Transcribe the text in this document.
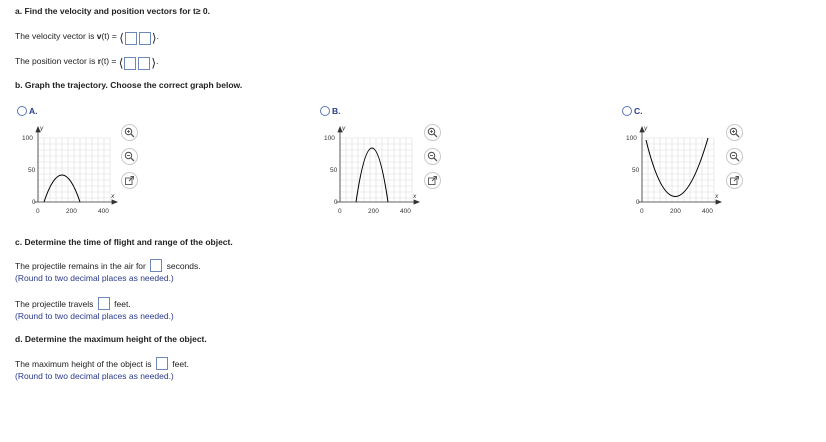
a. Find the velocity and position vectors for t≥ 0.
The velocity vector is v(t) = ⟨ ⟩.
The position vector is r(t) = ⟨ ⟩.
b. Graph the trajectory. Choose the correct graph below.
A.	B.	C.
y
x
100
50
0
0	200	400
y
x
100
50
0
0	200	400
y
x
100
50
0
0	200	400
c. Determine the time of flight and range of the object.
The projectile remains in the air for seconds.
(Round to two decimal places as needed.)
The projectile travels feet.
(Round to two decimal places as needed.)
d. Determine the maximum height of the object.
The maximum height of the object is feet.
(Round to two decimal places as needed.)
